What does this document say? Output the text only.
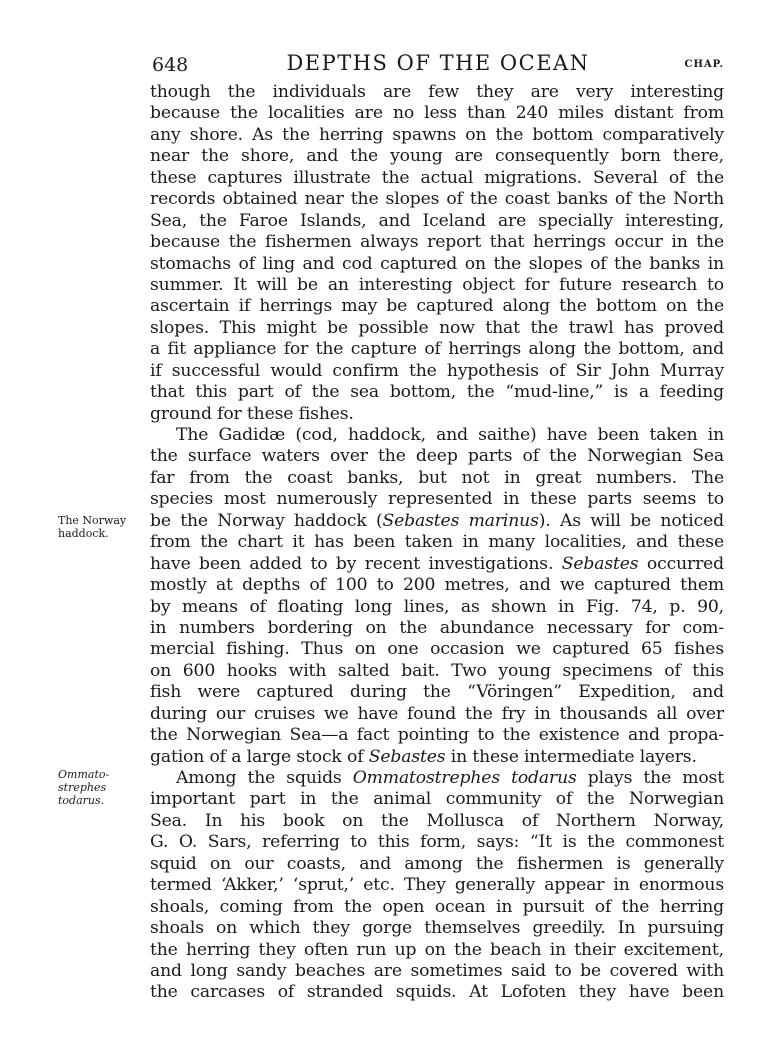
648	DEPTHS OF THE OCEAN	CHAP.
The Norway
haddock.
Ommato-
strephes
todarus.
though the individuals are few they are very interesting
because the localities are no less than 240 miles distant from
any shore. As the herring spawns on the bottom comparatively
near the shore, and the young are consequently born there,
these captures illustrate the actual migrations. Several of the
records obtained near the slopes of the coast banks of the North
Sea, the Faroe Islands, and Iceland are specially interesting,
because the fishermen always report that herrings occur in the
stomachs of ling and cod captured on the slopes of the banks in
summer. It will be an interesting object for future research to
ascertain if herrings may be captured along the bottom on the
slopes. This might be possible now that the trawl has proved
a fit appliance for the capture of herrings along the bottom, and
if successful would confirm the hypothesis of Sir John Murray
that this part of the sea bottom, the “mud-line,” is a feeding
ground for these fishes.
The Gadidæ (cod, haddock, and saithe) have been taken in
the surface waters over the deep parts of the Norwegian Sea
far from the coast banks, but not in great numbers. The
species most numerously represented in these parts seems to
be the Norway haddock (Sebastes marinus). As will be noticed
from the chart it has been taken in many localities, and these
have been added to by recent investigations. Sebastes occurred
mostly at depths of 100 to 200 metres, and we captured them
by means of floating long lines, as shown in Fig. 74, p. 90,
in numbers bordering on the abundance necessary for com-
mercial fishing. Thus on one occasion we captured 65 fishes
on 600 hooks with salted bait. Two young specimens of this
fish were captured during the “Vöringen” Expedition, and
during our cruises we have found the fry in thousands all over
the Norwegian Sea—a fact pointing to the existence and propa-
gation of a large stock of Sebastes in these intermediate layers.
Among the squids Ommatostrephes todarus plays the most
important part in the animal community of the Norwegian
Sea. In his book on the Mollusca of Northern Norway,
G. O. Sars, referring to this form, says: “It is the commonest
squid on our coasts, and among the fishermen is generally
termed ‘Akker,’ ‘sprut,’ etc. They generally appear in enormous
shoals, coming from the open ocean in pursuit of the herring
shoals on which they gorge themselves greedily. In pursuing
the herring they often run up on the beach in their excitement,
and long sandy beaches are sometimes said to be covered with
the carcases of stranded squids. At Lofoten they have been
